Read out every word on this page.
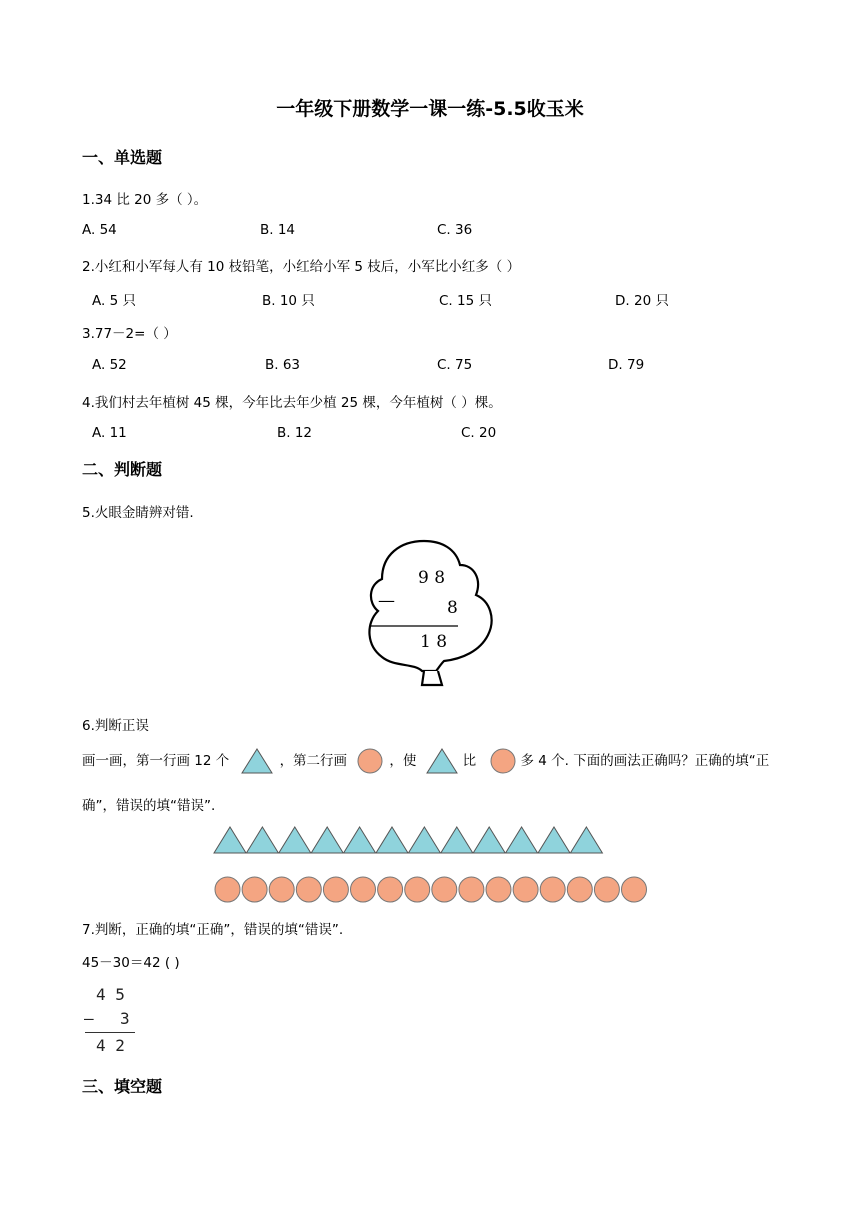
一年级下册数学一课一练-5.5收玉米
一、单选题
1.34 比 20 多（ ）。
A. 54	B. 14	C. 36
2.小红和小军每人有 10 枝铅笔，小红给小军 5 枝后，小军比小红多（ ）
A. 5 只	B. 10 只	C. 15 只	D. 20 只
3.77－2=（ ）
A. 52	B. 63	C. 75	D. 79
4.我们村去年植树 45 棵，今年比去年少植 25 棵，今年植树（ ）棵。
A. 11	B. 12	C. 20
二、判断题
5.火眼金睛辨对错.
9 8
—	8
1 8
6.判断正误
画一画，第一行画 12 个	，第二行画	，使	比	多 4 个. 下面的画法正确吗？正确的填“正
确”，错误的填“错误”.
7.判断，正确的填“正确”，错误的填“错误”.
45－30＝42 ( )
4 5
— 3
4 2
三、填空题
